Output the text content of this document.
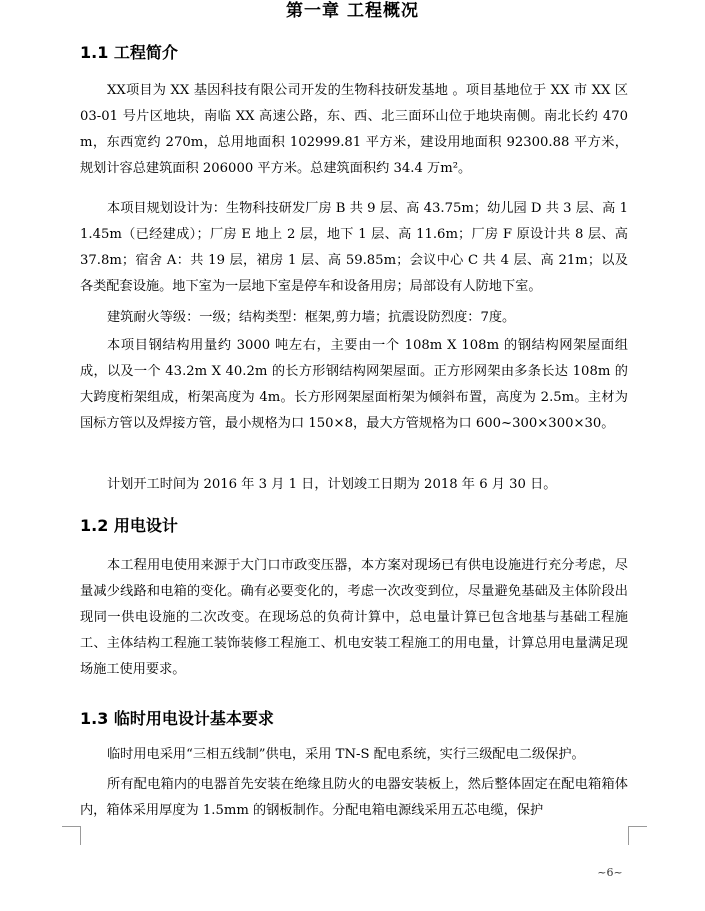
第一章 工程概况
1.1 工程简介

XX项目为 XX 基因科技有限公司开发的生物科技研发基地 。项目基地位于 XX 市 XX 区 03-01 号片区地块，南临 XX 高速公路，东、西、北三面环山位于地块南侧。南北长约 470m，东西宽约 270m，总用地面积 102999.81 平方米，建设用地面积 92300.88 平方米，规划计容总建筑面积 206000 平方米。总建筑面积约 34.4 万m²。

本项目规划设计为：生物科技研发厂房 B 共 9 层、高 43.75m；幼儿园 D 共 3 层、高 11.45m（已经建成）；厂房 E 地上 2 层，地下 1 层、高 11.6m；厂房 F 原设计共 8 层、高 37.8m；宿舍 A：共 19 层，裙房 1 层、高 59.85m；会议中心 C 共 4 层、高 21m；以及各类配套设施。地下室为一层地下室是停车和设备用房；局部设有人防地下室。

建筑耐火等级：一级；结构类型：框架,剪力墙；抗震设防烈度：7度。

本项目钢结构用量约 3000 吨左右，主要由一个 108m X 108m 的钢结构网架屋面组成，以及一个 43.2m X 40.2m 的长方形钢结构网架屋面。正方形网架由多条长达 108m 的大跨度桁架组成，桁架高度为 4m。长方形网架屋面桁架为倾斜布置，高度为 2.5m。主材为国标方管以及焊接方管，最小规格为口 150×8，最大方管规格为口 600~300×300×30。

计划开工时间为 2016 年 3 月 1 日，计划竣工日期为 2018 年 6 月 30 日。

1.2 用电设计

本工程用电使用来源于大门口市政变压器，本方案对现场已有供电设施进行充分考虑，尽量减少线路和电箱的变化。确有必要变化的，考虑一次改变到位，尽量避免基础及主体阶段出现同一供电设施的二次改变。在现场总的负荷计算中，总电量计算已包含地基与基础工程施工、主体结构工程施工装饰装修工程施工、机电安装工程施工的用电量，计算总用电量满足现场施工使用要求。

1.3 临时用电设计基本要求

临时用电采用“三相五线制”供电，采用 TN-S 配电系统，实行三级配电二级保护。

所有配电箱内的电器首先安装在绝缘且防火的电器安装板上，然后整体固定在配电箱箱体内，箱体采用厚度为 1.5mm 的钢板制作。分配电箱电源线采用五芯电缆，保护

~6~
